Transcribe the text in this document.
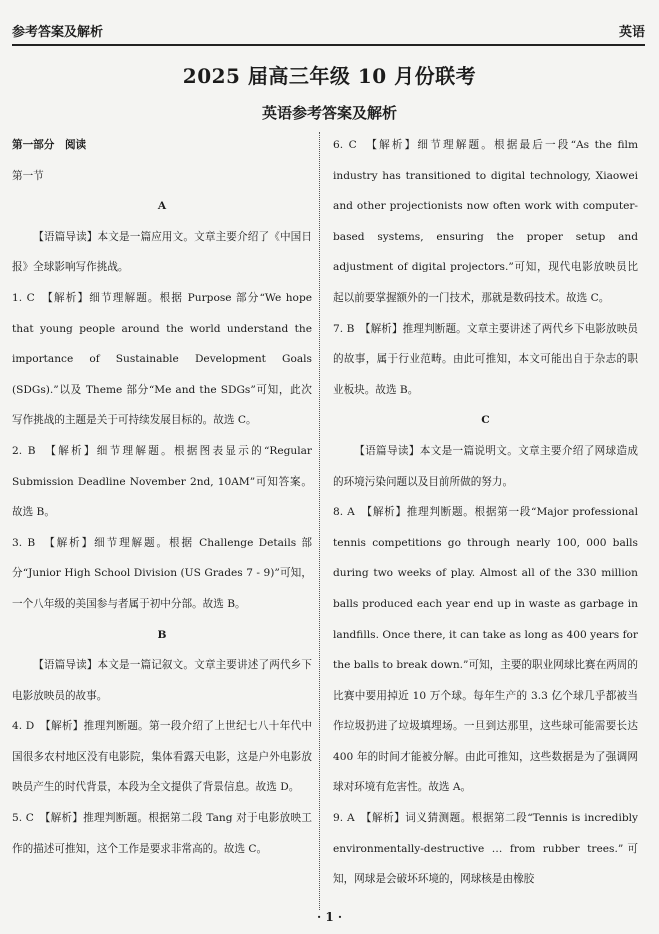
参考答案及解析	英语
2025 届高三年级 10 月份联考
英语参考答案及解析

第一部分　阅读

第一节

A

【语篇导读】本文是一篇应用文。文章主要介绍了《中国日报》全球影响写作挑战。

1. C　【解析】细节理解题。根据 Purpose 部分“We hope that young people around the world understand the importance of Sustainable Development Goals (SDGs).”以及 Theme 部分“Me and the SDGs”可知，此次写作挑战的主题是关于可持续发展目标的。故选 C。

2. B　【解析】细节理解题。根据图表显示的“Regular Submission Deadline November 2nd, 10AM”可知答案。故选 B。

3. B　【解析】细节理解题。根据 Challenge Details 部分“Junior High School Division (US Grades 7 - 9)”可知，一个八年级的美国参与者属于初中分部。故选 B。

B

【语篇导读】本文是一篇记叙文。文章主要讲述了两代乡下电影放映员的故事。

4. D　【解析】推理判断题。第一段介绍了上世纪七八十年代中国很多农村地区没有电影院，集体看露天电影，这是户外电影放映员产生的时代背景，本段为全文提供了背景信息。故选 D。

5. C　【解析】推理判断题。根据第二段 Tang 对于电影放映工作的描述可推知，这个工作是要求非常高的。故选 C。

6. C　【解析】细节理解题。根据最后一段“As the film industry has transitioned to digital technology, Xiaowei and other projectionists now often work with computer-based systems, ensuring the proper setup and adjustment of digital projectors.”可知，现代电影放映员比起以前要掌握额外的一门技术，那就是数码技术。故选 C。

7. B　【解析】推理判断题。文章主要讲述了两代乡下电影放映员的故事，属于行业范畴。由此可推知，本文可能出自于杂志的职业板块。故选 B。

C

【语篇导读】本文是一篇说明文。文章主要介绍了网球造成的环境污染问题以及目前所做的努力。

8. A　【解析】推理判断题。根据第一段“Major professional tennis competitions go through nearly 100, 000 balls during two weeks of play. Almost all of the 330 million balls produced each year end up in waste as garbage in landfills. Once there, it can take as long as 400 years for the balls to break down.”可知，主要的职业网球比赛在两周的比赛中要用掉近 10 万个球。每年生产的 3.3 亿个球几乎都被当作垃圾扔进了垃圾填埋场。一旦到达那里，这些球可能需要长达 400 年的时间才能被分解。由此可推知，这些数据是为了强调网球对环境有危害性。故选 A。

9. A　【解析】词义猜测题。根据第二段“Tennis is incredibly environmentally-destructive … from rubber trees.”可知，网球是会破坏环境的，网球核是由橡胶

· 1 ·
